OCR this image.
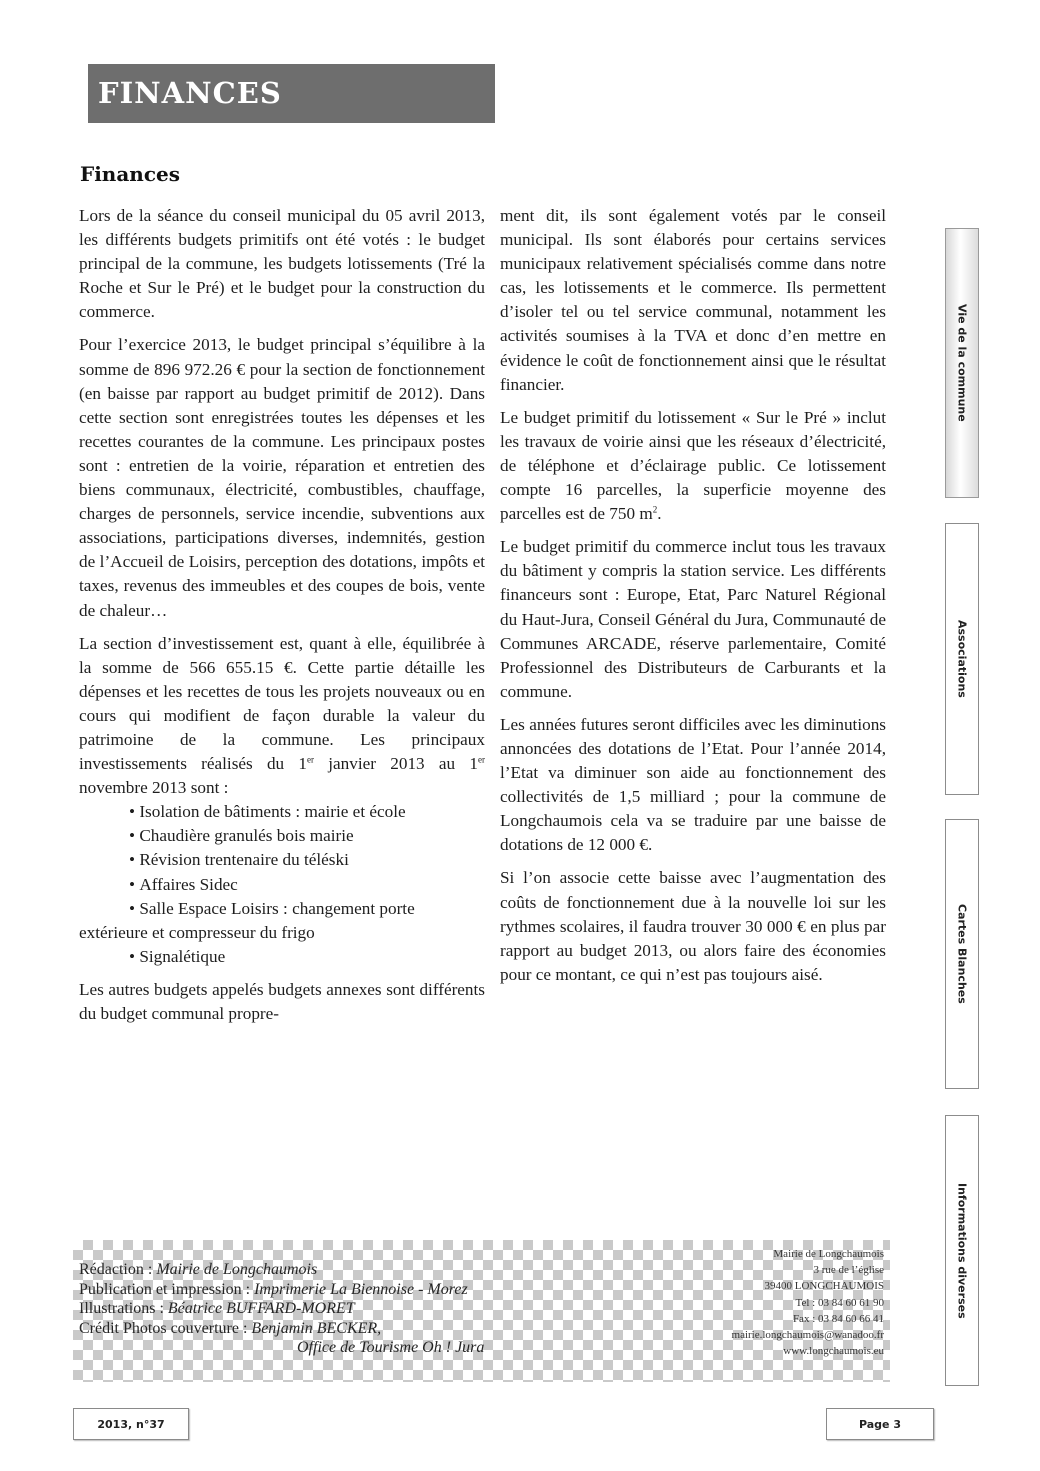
FINANCES
Finances

Lors de la séance du conseil municipal du 05 avril 2013, les différents budgets primitifs ont été votés : le budget principal de la commune, les budgets lotissements (Tré la Roche et Sur le Pré) et le budget pour la construction du commerce.

Pour l’exercice 2013, le budget principal s’équilibre à la somme de 896 972.26 € pour la section de fonctionnement (en baisse par rapport au budget primitif de 2012). Dans cette section sont enregistrées toutes les dépenses et les recettes courantes de la commune. Les principaux postes sont : entretien de la voirie, réparation et entretien des biens communaux, électricité, combustibles, chauffage, charges de personnels, service incendie, subventions aux associations, participations diverses, indemnités, gestion de l’Accueil de Loisirs, perception des dotations, impôts et taxes, revenus des immeubles et des coupes de bois, vente de chaleur…

La section d’investissement est, quant à elle, équilibrée à la somme de 566 655.15 €. Cette partie détaille les dépenses et les recettes de tous les projets nouveaux ou en cours qui modifient de façon durable la valeur du patrimoine de la commune. Les principaux investissements réalisés du 1er janvier 2013 au 1er novembre 2013 sont :

• Isolation de bâtiments : mairie et école
• Chaudière granulés bois mairie
• Révision trentenaire du téléski
• Affaires Sidec
• Salle Espace Loisirs : changement porte extérieure et compresseur du frigo
• Signalétique

Les autres budgets appelés budgets annexes sont différents du budget communal propre-

ment dit, ils sont également votés par le conseil municipal. Ils sont élaborés pour certains services municipaux relativement spécialisés comme dans notre cas, les lotissements et le commerce. Ils permettent d’isoler tel ou tel service communal, notamment les activités soumises à la TVA et donc d’en mettre en évidence le coût de fonctionnement ainsi que le résultat financier.

Le budget primitif du lotissement « Sur le Pré » inclut les travaux de voirie ainsi que les réseaux d’électricité, de téléphone et d’éclairage public. Ce lotissement compte 16 parcelles, la superficie moyenne des parcelles est de 750 $m^2$.

Le budget primitif du commerce inclut tous les travaux du bâtiment y compris la station service. Les différents financeurs sont : Europe, Etat, Parc Naturel Régional du Haut-Jura, Conseil Général du Jura, Communauté de Communes ARCADE, réserve parlementaire, Comité Professionnel des Distributeurs de Carburants et la commune.

Les années futures seront difficiles avec les diminutions annoncées des dotations de l’Etat. Pour l’année 2014, l’Etat va diminuer son aide au fonctionnement des collectivités de 1,5 milliard ; pour la commune de Longchaumois cela va se traduire par une baisse de dotations de 12 000 €.

Si l’on associe cette baisse avec l’augmentation des coûts de fonctionnement due à la nouvelle loi sur les rythmes scolaires, il faudra trouver 30 000 € en plus par rapport au budget 2013, ou alors faire des économies pour ce montant, ce qui n’est pas toujours aisé.

Vie de la commune
Associations
Cartes Blanches
Informations diverses
Rédaction : Mairie de Longchaumois
Publication et impression : Imprimerie La Biennoise - Morez
Illustrations : Béatrice BUFFARD-MORET
Crédit Photos couverture : Benjamin BECKER,
Office de Tourisme Oh ! Jura
Mairie de Longchaumois
3 rue de l’église
39400 LONGCHAUMOIS
Tel : 03 84 60 61 90
Fax : 03 84 60 66 41
mairie.longchaumois@wanadoo.fr
www.longchaumois.eu
2013, n°37	Page 3
